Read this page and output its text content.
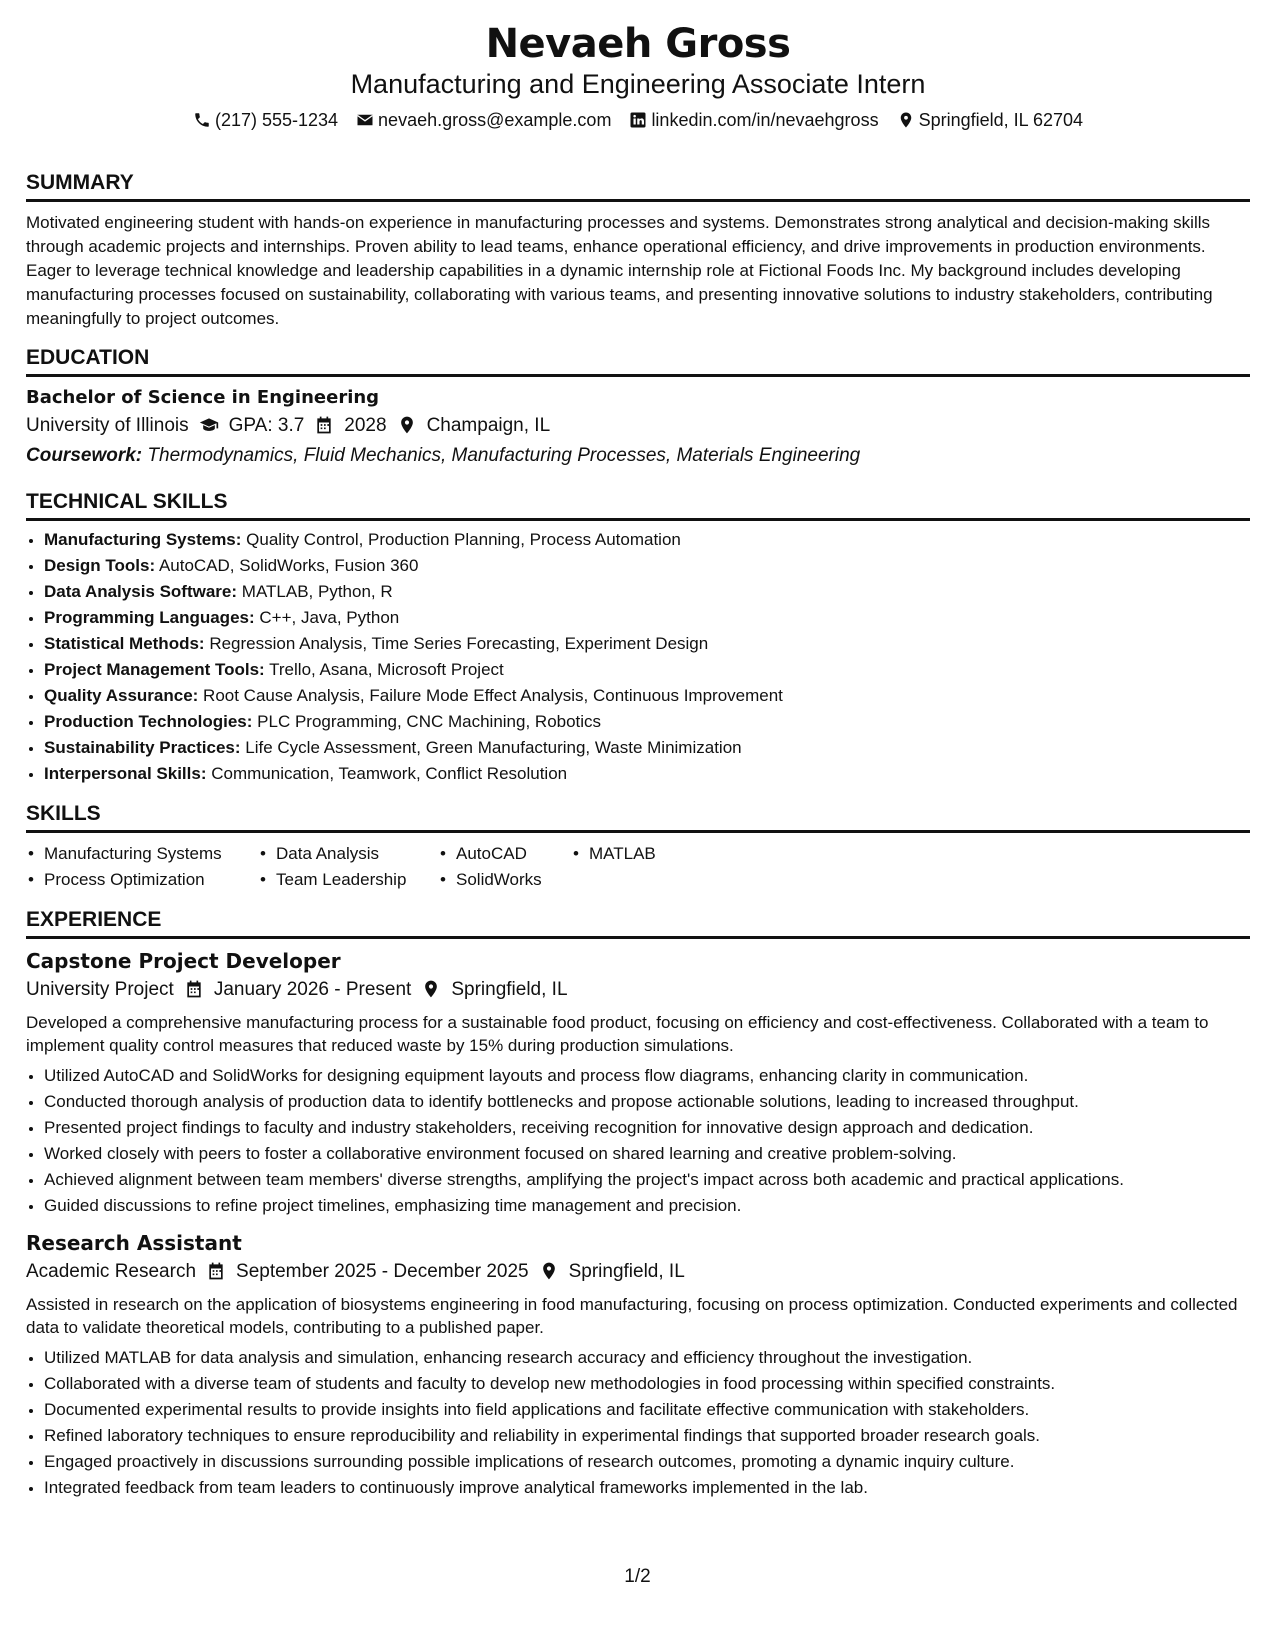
Nevaeh Gross
Manufacturing and Engineering Associate Intern
(217) 555-1234 nevaeh.gross@example.com linkedin.com/in/nevaehgross Springfield, IL 62704
SUMMARY
Motivated engineering student with hands-on experience in manufacturing processes and systems. Demonstrates strong analytical and decision-making skills through academic projects and internships. Proven ability to lead teams, enhance operational efficiency, and drive improvements in production environments. Eager to leverage technical knowledge and leadership capabilities in a dynamic internship role at Fictional Foods Inc. My background includes developing manufacturing processes focused on sustainability, collaborating with various teams, and presenting innovative solutions to industry stakeholders, contributing meaningfully to project outcomes.
EDUCATION
Bachelor of Science in Engineering
University of Illinois GPA: 3.7 2028 Champaign, IL
Coursework: Thermodynamics, Fluid Mechanics, Manufacturing Processes, Materials Engineering
TECHNICAL SKILLS
• Manufacturing Systems: Quality Control, Production Planning, Process Automation
• Design Tools: AutoCAD, SolidWorks, Fusion 360
• Data Analysis Software: MATLAB, Python, R
• Programming Languages: C++, Java, Python
• Statistical Methods: Regression Analysis, Time Series Forecasting, Experiment Design
• Project Management Tools: Trello, Asana, Microsoft Project
• Quality Assurance: Root Cause Analysis, Failure Mode Effect Analysis, Continuous Improvement
• Production Technologies: PLC Programming, CNC Machining, Robotics
• Sustainability Practices: Life Cycle Assessment, Green Manufacturing, Waste Minimization
• Interpersonal Skills: Communication, Teamwork, Conflict Resolution
SKILLS
• Manufacturing Systems
• Process Optimization
• Data Analysis
• Team Leadership
• AutoCAD
• SolidWorks
• MATLAB
EXPERIENCE
Capstone Project Developer
University Project January 2026 - Present Springfield, IL
Developed a comprehensive manufacturing process for a sustainable food product, focusing on efficiency and cost-effectiveness. Collaborated with a team to implement quality control measures that reduced waste by 15% during production simulations.
• Utilized AutoCAD and SolidWorks for designing equipment layouts and process flow diagrams, enhancing clarity in communication.
• Conducted thorough analysis of production data to identify bottlenecks and propose actionable solutions, leading to increased throughput.
• Presented project findings to faculty and industry stakeholders, receiving recognition for innovative design approach and dedication.
• Worked closely with peers to foster a collaborative environment focused on shared learning and creative problem-solving.
• Achieved alignment between team members' diverse strengths, amplifying the project's impact across both academic and practical applications.
• Guided discussions to refine project timelines, emphasizing time management and precision.
Research Assistant
Academic Research September 2025 - December 2025 Springfield, IL
Assisted in research on the application of biosystems engineering in food manufacturing, focusing on process optimization. Conducted experiments and collected data to validate theoretical models, contributing to a published paper.
• Utilized MATLAB for data analysis and simulation, enhancing research accuracy and efficiency throughout the investigation.
• Collaborated with a diverse team of students and faculty to develop new methodologies in food processing within specified constraints.
• Documented experimental results to provide insights into field applications and facilitate effective communication with stakeholders.
• Refined laboratory techniques to ensure reproducibility and reliability in experimental findings that supported broader research goals.
• Engaged proactively in discussions surrounding possible implications of research outcomes, promoting a dynamic inquiry culture.
• Integrated feedback from team leaders to continuously improve analytical frameworks implemented in the lab.
1/2
